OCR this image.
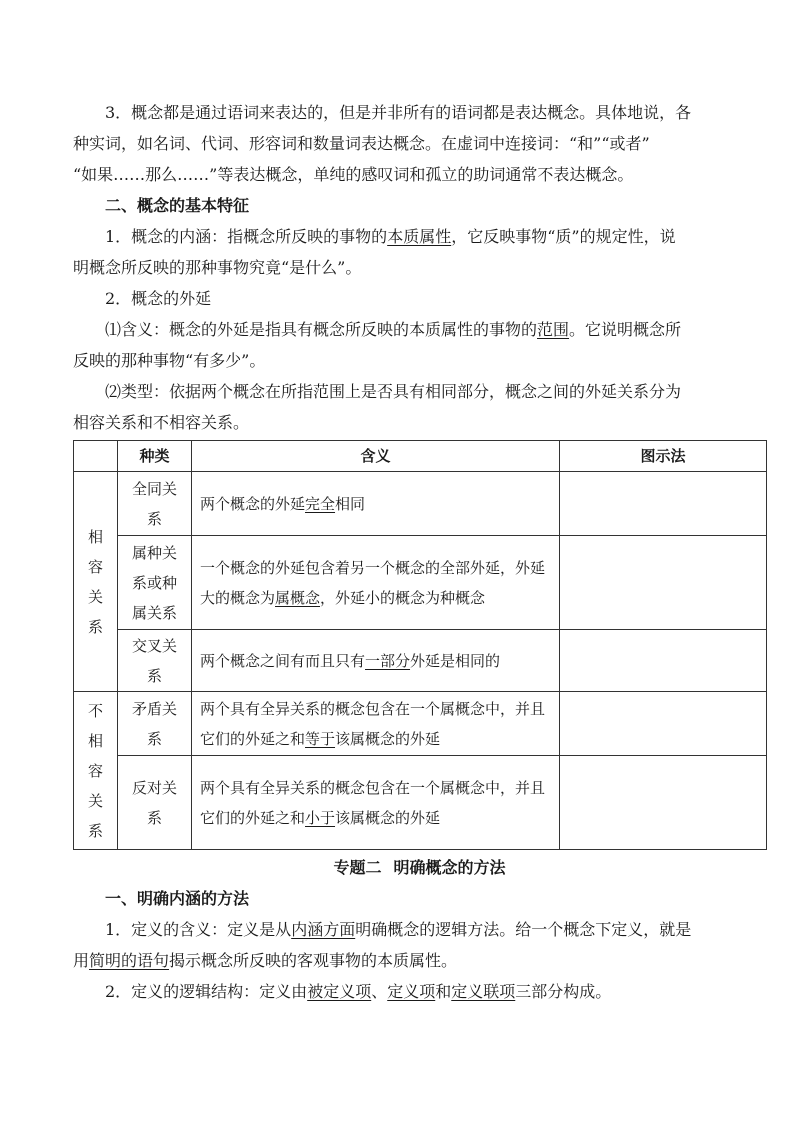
3．概念都是通过语词来表达的，但是并非所有的语词都是表达概念。具体地说，各

种实词，如名词、代词、形容词和数量词表达概念。在虚词中连接词：“和”“或者”

“如果……那么……”等表达概念，单纯的感叹词和孤立的助词通常不表达概念。

二、概念的基本特征

1．概念的内涵：指概念所反映的事物的本质属性，它反映事物“质”的规定性，说

明概念所反映的那种事物究竟“是什么”。

2．概念的外延

⑴含义：概念的外延是指具有概念所反映的本质属性的事物的范围。它说明概念所

反映的那种事物“有多少”。

⑵类型：依据两个概念在所指范围上是否具有相同部分，概念之间的外延关系分为

相容关系和不相容关系。

	种类	含义	图示法
相
容
关
系	全同关
系	两个概念的外延完全相同	
	属种关
系或种
属关系	一个概念的外延包含着另一个概念的全部外延，外延大的概念为属概念，外延小的概念为种概念	
	交叉关
系	两个概念之间有而且只有一部分外延是相同的	
不
相
容
关
系	矛盾关
系	两个具有全异关系的概念包含在一个属概念中，并且它们的外延之和等于该属概念的外延	
	反对关
系	两个具有全异关系的概念包含在一个属概念中，并且它们的外延之和小于该属概念的外延	

专题二 明确概念的方法

一、明确内涵的方法

1．定义的含义：定义是从内涵方面明确概念的逻辑方法。给一个概念下定义，就是

用简明的语句揭示概念所反映的客观事物的本质属性。

2．定义的逻辑结构：定义由被定义项、定义项和定义联项三部分构成。
